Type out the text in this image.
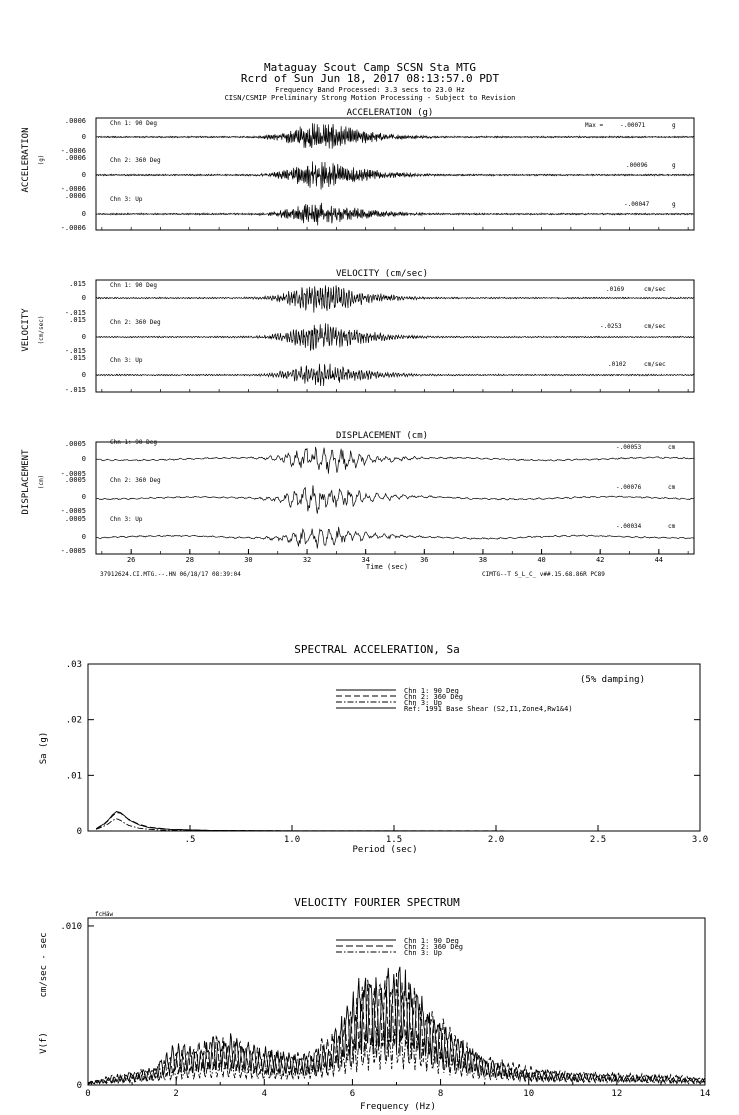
Mataguay Scout Camp SCSN Sta MTG
Rcrd of Sun Jun 18, 2017 08:13:57.0 PDT
Frequency Band Processed: 3.3 secs to 23.0 Hz
CISN/CSMIP Preliminary Strong Motion Processing - Subject to Revision
ACCELERATION (g)
ACCELERATION (g)
Chn 1: 90 Deg
.0006
0
-.0006
Max =	-.00071	g
Chn 2: 360 Deg
.0006
0
-.0006
.00096	g
Chn 3: Up
.0006
0
-.0006
-.00047	g
VELOCITY (cm/sec)
VELOCITY (cm/sec)
Chn 1: 90 Deg
.015
0
-.015
.0169	cm/sec
Chn 2: 360 Deg
.015
0
-.015
-.0253	cm/sec
Chn 3: Up
.015
0
-.015
.0102	cm/sec
DISPLACEMENT (cm)
DISPLACEMENT (cm)
Chn 1: 90 Deg
.0005
0
-.0005
-.00053	cm
Chn 2: 360 Deg
.0005
0
-.0005
-.00076	cm
Chn 3: Up
.0005
0
-.0005
-.00034	cm
26	28	30	32	34	36	38	40	42	44
Time (sec)
37912624.CI.MTG.--.HN 06/18/17 08:39:04	CIMTG--T S_L_C_ v##.15.68.86R PC89
SPECTRAL ACCELERATION, Sa
Sa (g)
(5% damping)
.5	1.0	1.5	2.0	2.5	3.0
0
.01
.02
.03
Chn 1: 90 Deg
Chn 2: 360 Deg
Chn 3: Up
Ref: 1991 Base Shear (S2,I1,Zone4,Rw1&4)
Period (sec)
VELOCITY FOURIER SPECTRUM
cm/sec - sec
V(f)
fcHäw
0	2	4	6	8	10	12	14
0
.010
Chn 1: 90 Deg
Chn 2: 360 Deg
Chn 3: Up
Frequency (Hz)
